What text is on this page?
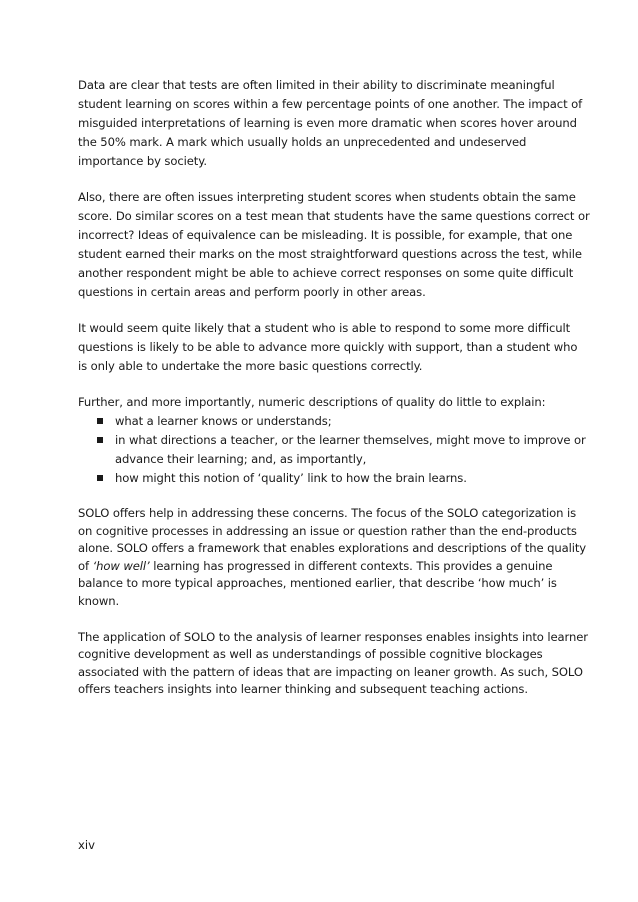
Data are clear that tests are often limited in their ability to discriminate meaningful student learning on scores within a few percentage points of one another. The impact of misguided interpretations of learning is even more dramatic when scores hover around the 50% mark. A mark which usually holds an unprecedented and undeserved importance by society.

Also, there are often issues interpreting student scores when students obtain the same score. Do similar scores on a test mean that students have the same questions correct or incorrect? Ideas of equivalence can be misleading. It is possible, for example, that one student earned their marks on the most straightforward questions across the test, while another respondent might be able to achieve correct responses on some quite difficult questions in certain areas and perform poorly in other areas.

It would seem quite likely that a student who is able to respond to some more difficult questions is likely to be able to advance more quickly with support, than a student who is only able to undertake the more basic questions correctly.

Further, and more importantly, numeric descriptions of quality do little to explain:

what a learner knows or understands;
in what directions a teacher, or the learner themselves, might move to improve or advance their learning; and, as importantly,
how might this notion of ‘quality’ link to how the brain learns.

SOLO offers help in addressing these concerns. The focus of the SOLO categorization is on cognitive processes in addressing an issue or question rather than the end-products alone. SOLO offers a framework that enables explorations and descriptions of the quality of ‘how well’ learning has progressed in different contexts. This provides a genuine balance to more typical approaches, mentioned earlier, that describe ‘how much’ is known.

The application of SOLO to the analysis of learner responses enables insights into learner cognitive development as well as understandings of possible cognitive blockages associated with the pattern of ideas that are impacting on leaner growth. As such, SOLO offers teachers insights into learner thinking and subsequent teaching actions.

xiv
